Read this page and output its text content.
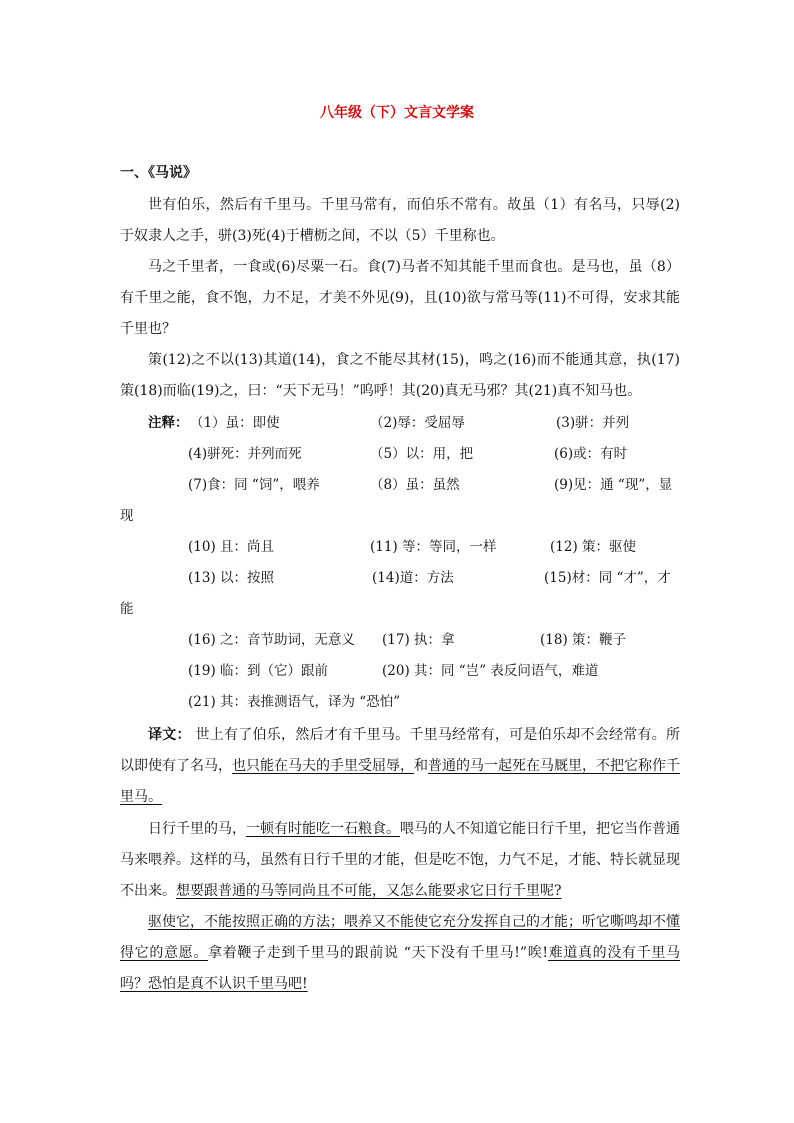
八年级（下）文言文学案
一、《马说》

世有伯乐，然后有千里马。千里马常有，而伯乐不常有。故虽（1）有名马，只辱(2)于奴隶人之手，骈(3)死(4)于槽枥之间，不以（5）千里称也。

马之千里者，一食或(6)尽粟一石。食(7)马者不知其能千里而食也。是马也，虽（8）有千里之能，食不饱，力不足，才美不外见(9)，且(10)欲与常马等(11)不可得，安求其能千里也？

策(12)之不以(13)其道(14)，食之不能尽其材(15)，鸣之(16)而不能通其意，执(17)策(18)而临(19)之，曰：“天下无马！”呜呼！其(20)真无马邪？其(21)真不知马也。

注释： （1）虽：即使	（2)辱：受屈辱	(3)骈：并列
(4)骈死：并列而死	（5）以：用，把	(6)或：有时
(7)食：同 “饲”，喂养	（8）虽：虽然	(9)见：通 “现”，显
现
(10) 且：尚且	(11) 等：等同，一样	(12) 策：驱使
(13) 以：按照	(14)道：方法	(15)材：同 “才”，才
能
(16) 之：音节助词，无意义 (17) 执：拿	(18) 策：鞭子
(19) 临：到（它）跟前	(20) 其：同 “岂” 表反问语气，难道
(21) 其：表推测语气，译为 “恐怕”

译文： 世上有了伯乐，然后才有千里马。千里马经常有，可是伯乐却不会经常有。所以即使有了名马，也只能在马夫的手里受屈辱，和普通的马一起死在马厩里，不把它称作千里马。

日行千里的马，一顿有时能吃一石粮食。喂马的人不知道它能日行千里，把它当作普通马来喂养。这样的马，虽然有日行千里的才能，但是吃不饱，力气不足，才能、特长就显现不出来。想要跟普通的马等同尚且不可能，又怎么能要求它日行千里呢?

驱使它，不能按照正确的方法；喂养又不能使它充分发挥自己的才能；听它嘶鸣却不懂得它的意愿。拿着鞭子走到千里马的跟前说 “天下没有千里马!”唉!难道真的没有千里马吗？恐怕是真不认识千里马吧!
